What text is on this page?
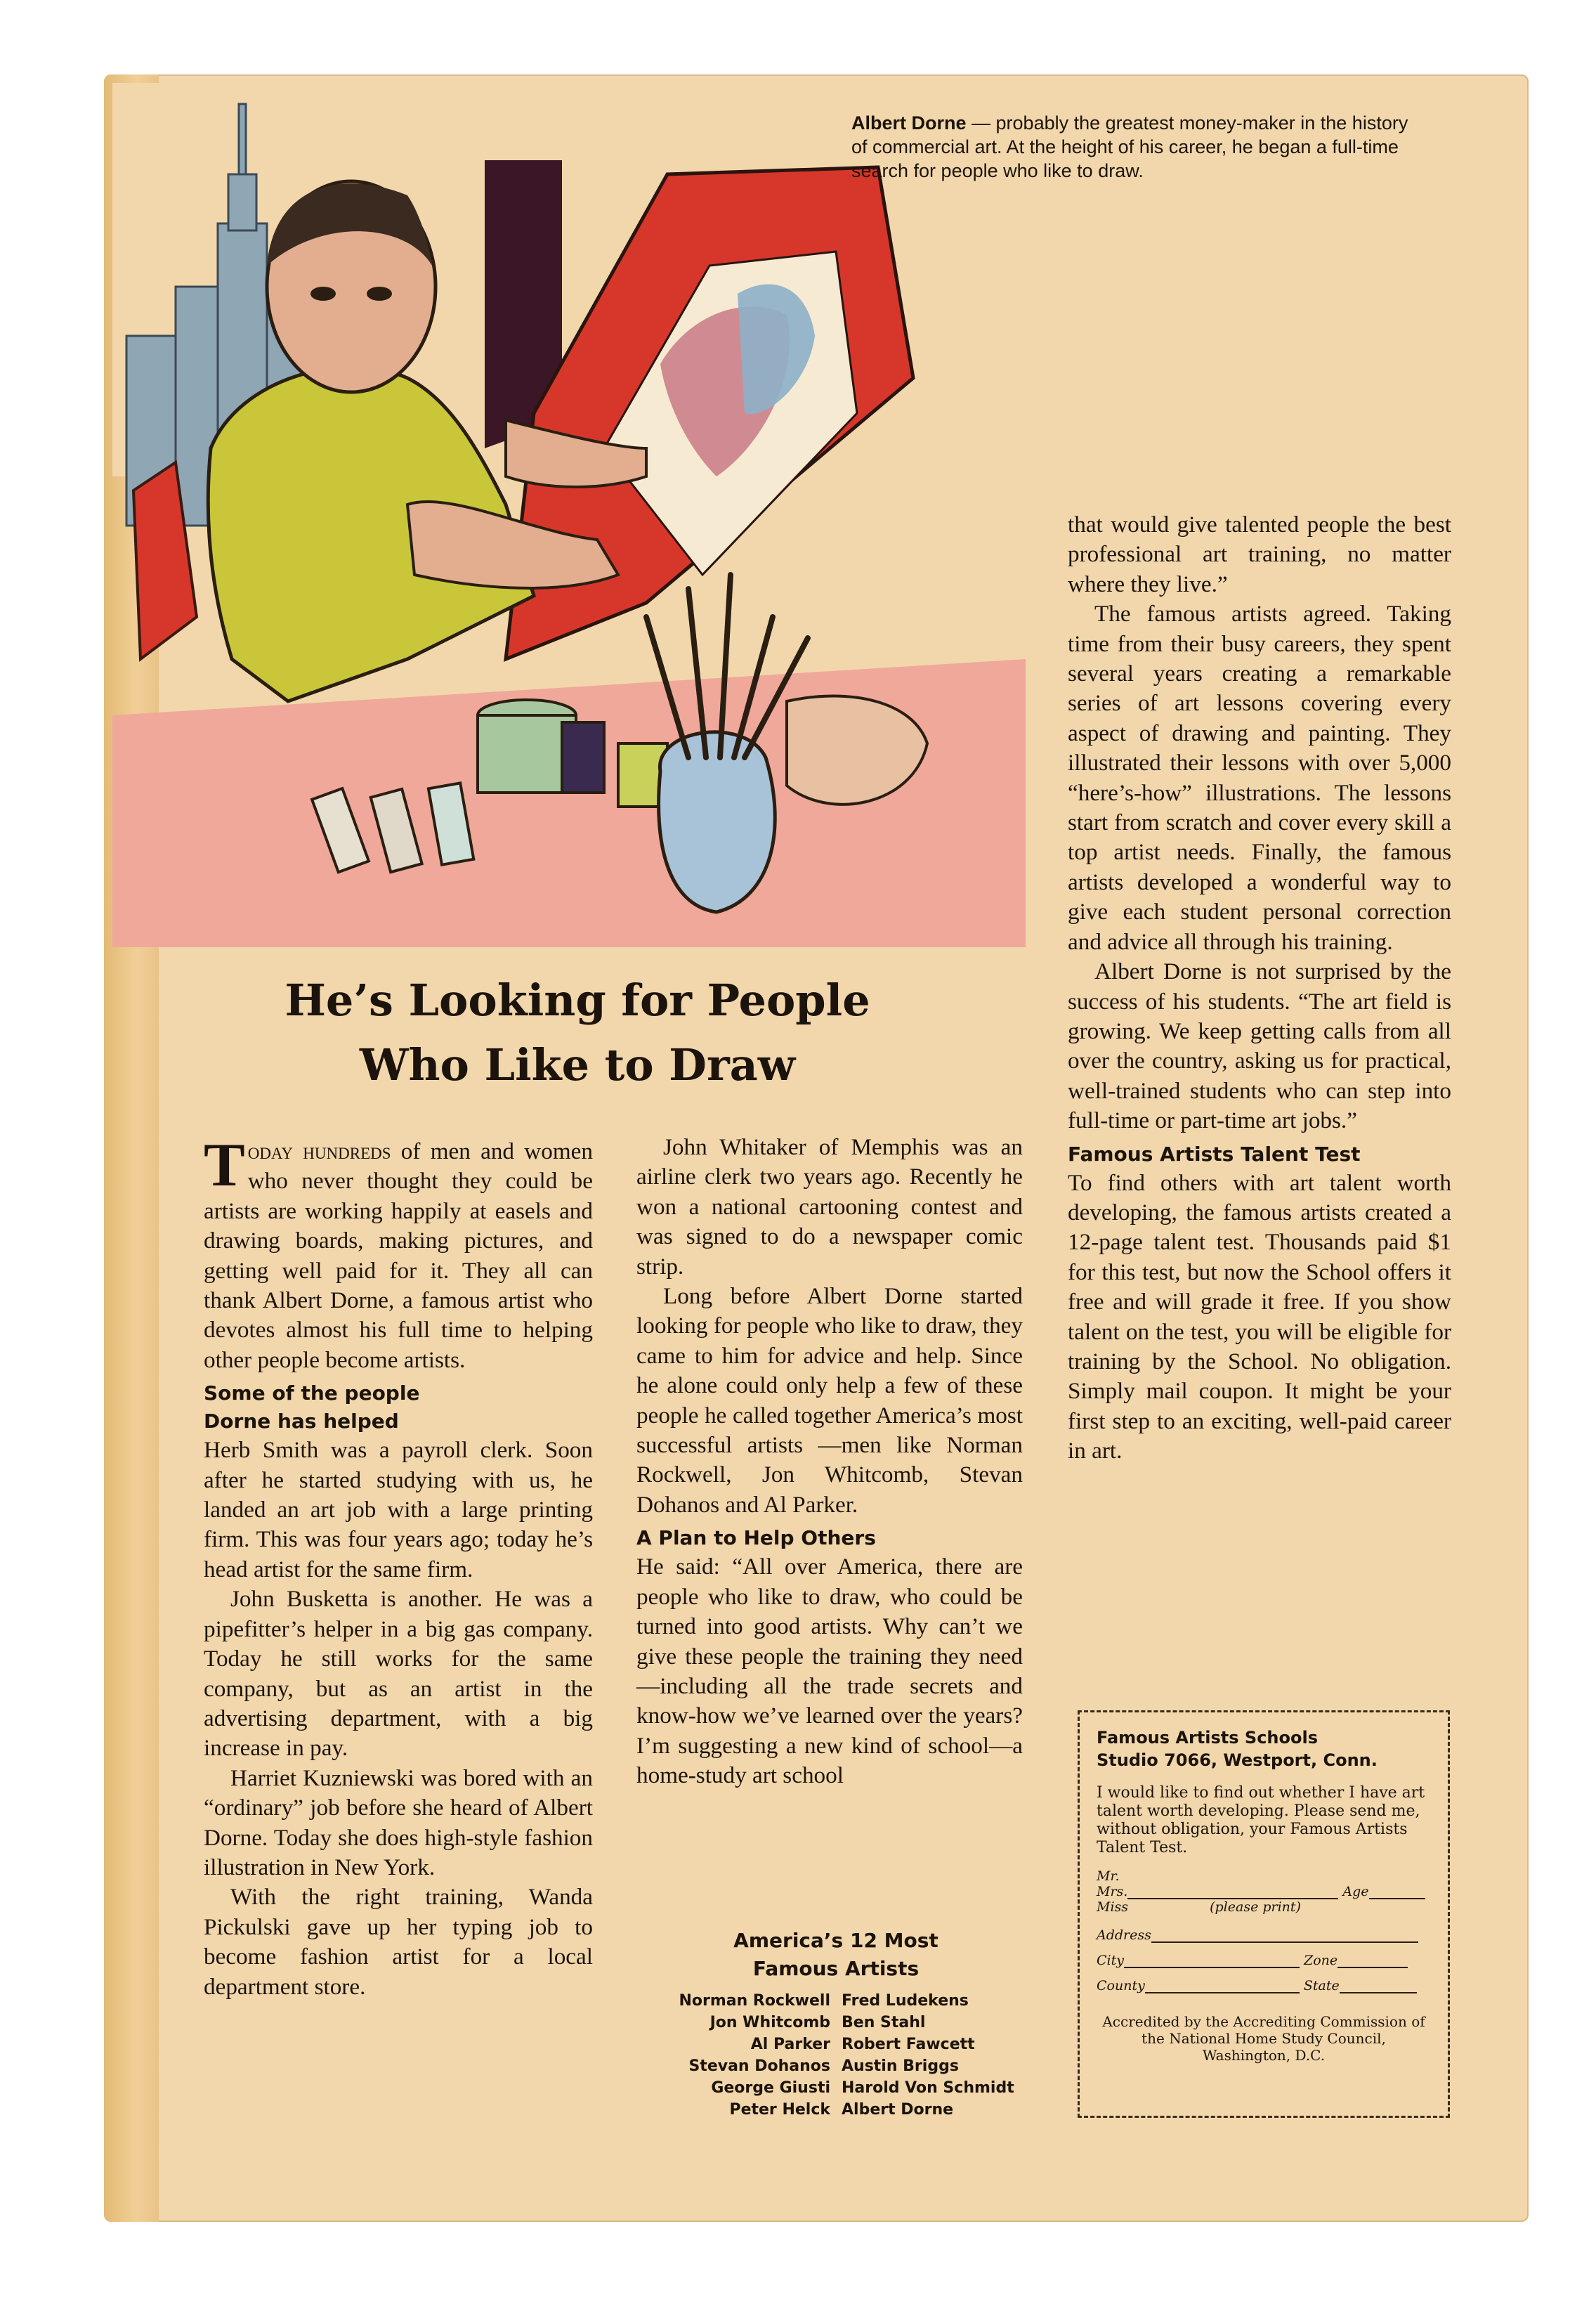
Albert Dorne — probably the greatest money-maker in the history of commercial art. At the height of his career, he began a full-time search for people who like to draw.
He’s Looking for People
Who Like to Draw

Today hundreds of men and women who never thought they could be artists are working happily at easels and drawing boards, making pictures, and getting well paid for it. They all can thank Albert Dorne, a famous artist who devotes almost his full time to helping other people become artists.

Some of the people
Dorne has helped

Herb Smith was a payroll clerk. Soon after he started studying with us, he landed an art job with a large printing firm. This was four years ago; today he’s head artist for the same firm.

John Busketta is another. He was a pipefitter’s helper in a big gas company. Today he still works for the same company, but as an artist in the advertising department, with a big increase in pay.

Harriet Kuzniewski was bored with an “ordinary” job before she heard of Albert Dorne. Today she does high-style fashion illustration in New York.

With the right training, Wanda Pickulski gave up her typing job to become fashion artist for a local department store.

John Whitaker of Memphis was an airline clerk two years ago. Recently he won a national cartooning contest and was signed to do a newspaper comic strip.

Long before Albert Dorne started looking for people who like to draw, they came to him for advice and help. Since he alone could only help a few of these people he called together America’s most successful artists —men like Norman Rockwell, Jon Whitcomb, Stevan Dohanos and Al Parker.

A Plan to Help Others

He said: “All over America, there are people who like to draw, who could be turned into good artists. Why can’t we give these people the training they need—including all the trade secrets and know-how we’ve learned over the years? I’m suggesting a new kind of school—a home-study art school

that would give talented people the best professional art training, no matter where they live.”

The famous artists agreed. Taking time from their busy careers, they spent several years creating a remarkable series of art lessons covering every aspect of drawing and painting. They illustrated their lessons with over 5,000 “here’s-how” illustrations. The lessons start from scratch and cover every skill a top artist needs. Finally, the famous artists developed a wonderful way to give each student personal correction and advice all through his training.

Albert Dorne is not surprised by the success of his students. “The art field is growing. We keep getting calls from all over the country, asking us for practical, well-trained students who can step into full-time or part-time art jobs.”

Famous Artists Talent Test

To find others with art talent worth developing, the famous artists created a 12-page talent test. Thousands paid $1 for this test, but now the School offers it free and will grade it free. If you show talent on the test, you will be eligible for training by the School. No obligation. Simply mail coupon. It might be your first step to an exciting, well-paid career in art.

America’s 12 Most
Famous Artists
Norman Rockwell	Fred Ludekens
Jon Whitcomb	Ben Stahl
Al Parker	Robert Fawcett
Stevan Dohanos	Austin Briggs
George Giusti	Harold Von Schmidt
Peter Helck	Albert Dorne
Famous Artists Schools
Studio 7066, Westport, Conn.
I would like to find out whether I have art talent worth developing. Please send me, without obligation, your Famous Artists Talent Test.
Mr.
Mrs.	Age
Miss	(please print)
Address
City	Zone
County	State
Accredited by the Accrediting Commission of the National Home Study Council, Washington, D.C.
